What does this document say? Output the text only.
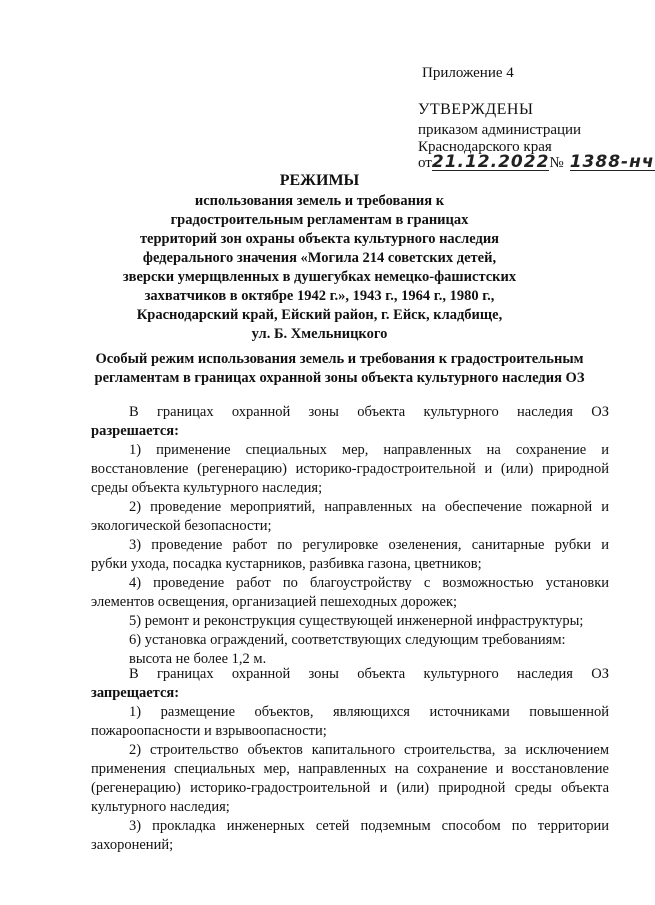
Приложение 4
УТВЕРЖДЕНЫ
приказом администрации
Краснодарского края
от21.12.2022№ 1388-нч
РЕЖИМЫ
использования земель и требования к
градостроительным регламентам в границах
территорий зон охраны объекта культурного наследия
федерального значения «Могила 214 советских детей,
зверски умерщвленных в душегубках немецко-фашистских
захватчиков в октябре 1942 г.», 1943 г., 1964 г., 1980 г.,
Краснодарский край, Ейский район, г. Ейск, кладбище,
ул. Б. Хмельницкого
Особый режим использования земель и требования к градостроительным
регламентам в границах охранной зоны объекта культурного наследия ОЗ
В границах охранной зоны объекта культурного наследия ОЗ
разрешается:
1) применение специальных мер, направленных на сохранение и
восстановление (регенерацию) историко-градостроительной и (или) природной
среды объекта культурного наследия;
2) проведение мероприятий, направленных на обеспечение пожарной и
экологической безопасности;
3) проведение работ по регулировке озеленения, санитарные рубки и
рубки ухода, посадка кустарников, разбивка газона, цветников;
4) проведение работ по благоустройству с возможностью установки
элементов освещения, организацией пешеходных дорожек;
5) ремонт и реконструкция существующей инженерной инфраструктуры;
6) установка ограждений, соответствующих следующим требованиям:
высота не более 1,2 м.
В границах охранной зоны объекта культурного наследия ОЗ
запрещается:
1) размещение объектов, являющихся источниками повышенной
пожароопасности и взрывоопасности;
2) строительство объектов капитального строительства, за исключением
применения специальных мер, направленных на сохранение и восстановление
(регенерацию) историко-градостроительной и (или) природной среды объекта
культурного наследия;
3) прокладка инженерных сетей подземным способом по территории
захоронений;
